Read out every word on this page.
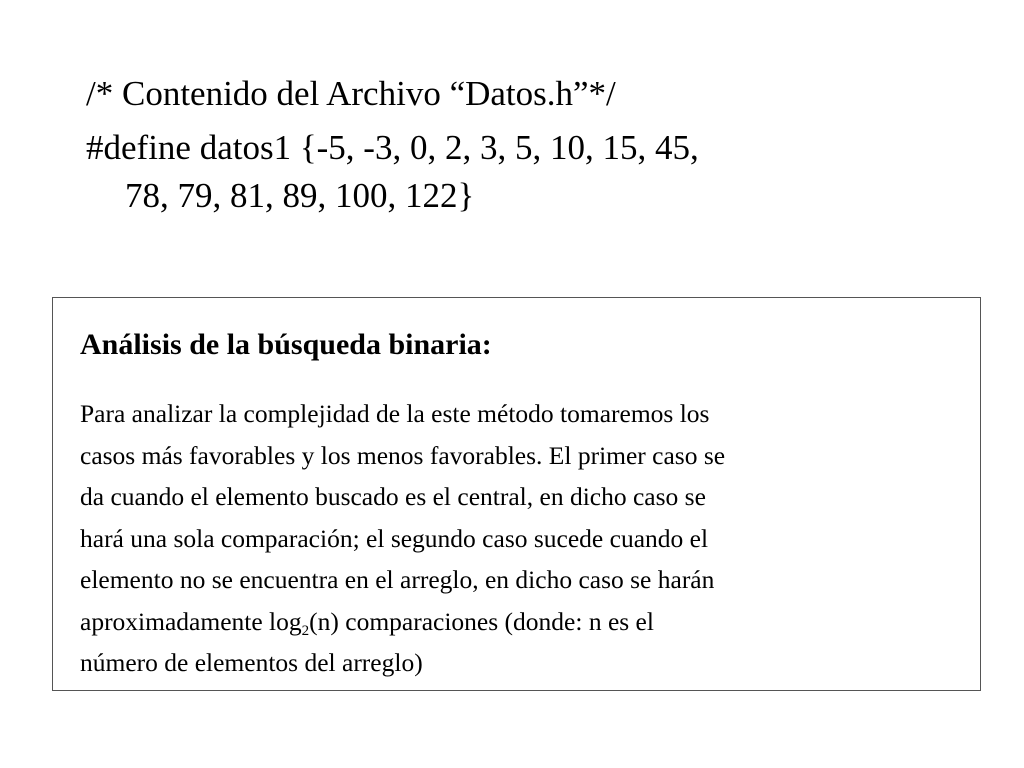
/* Contenido del Archivo “Datos.h”*/

#define datos1 {-5, -3, 0, 2, 3, 5, 10, 15, 45,
78, 79, 81, 89, 100, 122}

Análisis de la búsqueda binaria:

Para analizar la complejidad de la este método tomaremos los
casos más favorables y los menos favorables. El primer caso se
da cuando el elemento buscado es el central, en dicho caso se
hará una sola comparación; el segundo caso sucede cuando el
elemento no se encuentra en el arreglo, en dicho caso se harán
aproximadamente $\log_2(n)$ comparaciones (donde: n es el
número de elementos del arreglo)
